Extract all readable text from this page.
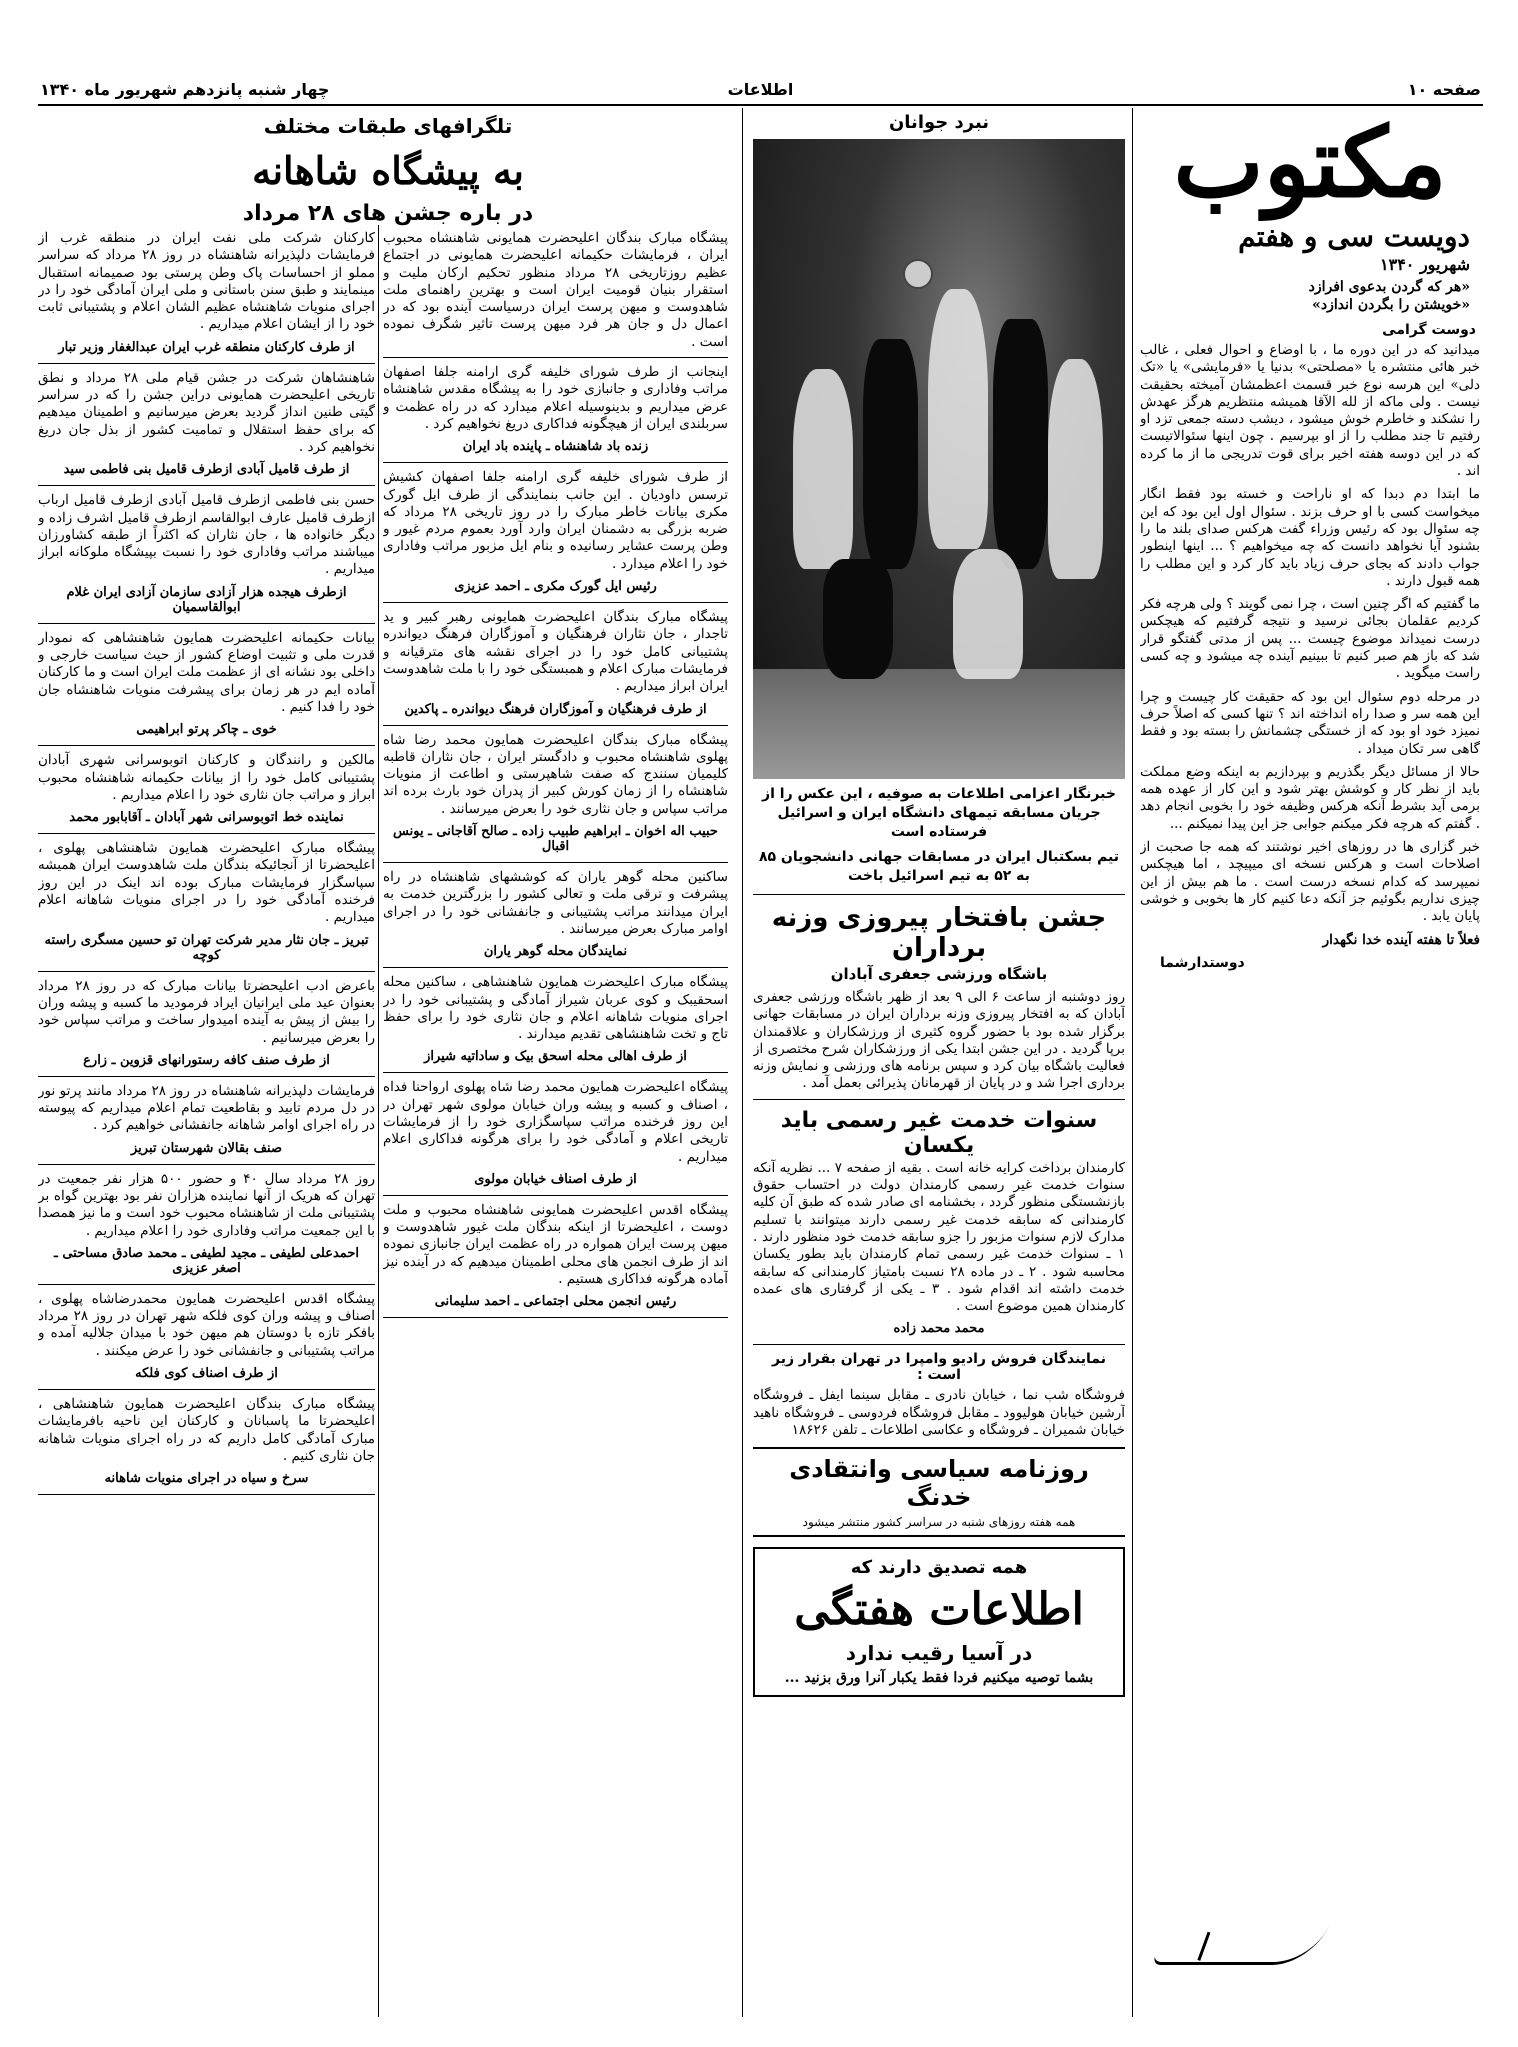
صفحه ۱۰
اطلاعات
چهار شنبه پانزدهم شهریور ماه ۱۳۴۰
مکتوب
دویست سی و هفتم
شهریور ۱۳۴۰
«هر که گردن بدعوی افرازد
«خویشتن را بگردن اندازد»
دوست گرامی

میدانید که در این دوره ما ، با اوضاع و احوال فعلی ، غالب خبر هائی منتشره یا «مصلحتی» بدنیا یا «فرمایشی» یا «تک دلی» این هرسه نوع خبر قسمت اعظمشان آمیخته بحقیقت نیست . ولی ماکه از لله الآقا همیشه منتظریم هرگز عهدش را نشکند و خاطرم خوش میشود ، دیشب دسته جمعی تزد او رفتیم تا جند مطلب را از او بپرسیم . چون اینها سئوالاتیست که در این دوسه هفته اخیر برای قوت تدریجی ما از ما کرده اند .

ما ابتدا دم دبدا که او ناراحت و خسته بود فقط انگار میخواست کسی با او حرف بزند . سئوال اول این بود که این چه سئوال بود که رئیس وزراء گفت هرکس صدای بلند ما را بشنود آیا نخواهد دانست که چه میخواهیم ؟ ... اینها اینطور جواب دادند که بجای حرف زیاد باید کار کرد و این مطلب را همه قبول دارند .

ما گفتیم که اگر چنین است ، چرا نمی گویند ؟ ولی هرچه فکر کردیم عقلمان بجائی نرسید و نتیجه گرفتیم که هیچکس درست نمیداند موضوع چیست ... پس از مدتی گفتگو قرار شد که باز هم صبر کنیم تا ببینیم آینده چه میشود و چه کسی راست میگوید .

در مرحله دوم سئوال این بود که حقیقت کار چیست و چرا این همه سر و صدا راه انداخته اند ؟ تنها کسی که اصلاً حرف نمیزد خود او بود که از خستگی چشمانش را بسته بود و فقط گاهی سر تکان میداد .

حالا از مسائل دیگر بگذریم و بپردازیم به اینکه وضع مملکت باید از نظر کار و کوشش بهتر شود و این کار از عهده همه برمی آید بشرط آنکه هرکس وظیفه خود را بخوبی انجام دهد . گفتم که هرچه فکر میکنم جوابی جز این پیدا نمیکنم ...

خبر گزاری ها در روزهای اخیر نوشتند که همه جا صحبت از اصلاحات است و هرکس نسخه ای میپیچد ، اما هیچکس نمیپرسد که کدام نسخه درست است . ما هم بیش از این چیزی نداریم بگوئیم جز آنکه دعا کنیم کار ها بخوبی و خوشی پایان یابد .

فعلاً تا هفته آینده خدا نگهدار

دوستدارشما
نبرد جوانان
خبرنگار اعزامی اطلاعات به صوفیه ، این عکس را از جریان مسابقه تیمهای دانشگاه ایران و اسرائیل فرستاده است
تیم بسکتبال ایران در مسابقات جهانی دانشجویان ۸۵ به ۵۲ به تیم اسرائیل باخت
جشن بافتخار پیروزی وزنه برداران
باشگاه ورزشی جعفری آبادان

روز دوشنبه از ساعت ۶ الی ۹ بعد از ظهر باشگاه ورزشی جعفری آبادان که به افتخار پیروزی وزنه برداران ایران در مسابقات جهانی برگزار شده بود با حضور گروه کثیری از ورزشکاران و علاقمندان برپا گردید . در این جشن ابتدا یکی از ورزشکاران شرح مختصری از فعالیت باشگاه بیان کرد و سپس برنامه های ورزشی و نمایش وزنه برداری اجرا شد و در پایان از قهرمانان پذیرائی بعمل آمد .

سنوات خدمت غیر رسمی باید یکسان

کارمندان برداخت کرایه خانه است . بقیه از صفحه ۷ ... نظریه آنکه سنوات خدمت غیر رسمی کارمندان دولت در احتساب حقوق بازنشستگی منظور گردد ، بخشنامه ای صادر شده که طبق آن کلیه کارمندانی که سابقه خدمت غیر رسمی دارند میتوانند با تسلیم مدارک لازم سنوات مزبور را جزو سابقه خدمت خود منظور دارند . ۱ ـ سنوات خدمت غیر رسمی تمام کارمندان باید بطور یکسان محاسبه شود . ۲ ـ در ماده ۲۸ نسبت بامتیاز کارمندانی که سابقه خدمت داشته اند اقدام شود . ۳ ـ یکی از گرفتاری های عمده کارمندان همین موضوع است .

محمد محمد زاده
نمایندگان فروش رادیو وامپرا در تهران بقرار زیر است :

فروشگاه شب نما ، خیابان نادری ـ مقابل سینما ایفل ـ فروشگاه آرشین خیابان هولیوود ـ مقابل فروشگاه فردوسی ـ فروشگاه ناهید خیابان شمیران ـ فروشگاه و عکاسی اطلاعات ـ تلفن ۱۸۶۲۶

روزنامه سیاسی وانتقادی خدنگ
همه هفته روزهای شنبه در سراسر کشور منتشر میشود
همه تصدیق دارند که
اطلاعات هفتگی
در آسیا رقیب ندارد
بشما توصیه میکنیم فردا فقط یکبار آنرا ورق بزنید ...
تلگرافهای طبقات مختلف
به پیشگاه شاهانه
در باره جشن های ۲۸ مرداد

پیشگاه مبارک بندگان اعلیحضرت همایونی شاهنشاه محبوب ایران ، فرمایشات حکیمانه اعلیحضرت همایونی در اجتماع عظیم روزتاریخی ۲۸ مرداد منظور تحکیم ارکان ملیت و استقرار بنیان قومیت ایران است و بهترین راهنمای ملت شاهدوست و میهن پرست ایران درسیاست آینده بود که در اعمال دل و جان هر فرد میهن پرست تاثیر شگرف نموده است .

اینجانب از طرف شورای خلیفه گری ارامنه جلفا اصفهان مراتب وفاداری و جانبازی خود را به پیشگاه مقدس شاهنشاه عرض میداریم و بدینوسیله اعلام میدارد که در راه عظمت و سربلندی ایران از هیچگونه فداکاری دریغ نخواهیم کرد .

زنده باد شاهنشاه ـ پاینده باد ایران

از طرف شورای خلیفه گری ارامنه جلفا اصفهان کشیش ترسس داودیان . این جانب بنمایندگی از طرف ایل گورک مکری بیانات خاطر مبارک را در روز تاریخی ۲۸ مرداد که ضربه بزرگی به دشمنان ایران وارد آورد بعموم مردم غیور و وطن پرست عشایر رسانیده و بنام ایل مزبور مراتب وفاداری خود را اعلام میدارد .

رئیس ایل گورک مکری ـ احمد عزیزی

پیشگاه مبارک بندگان اعلیحضرت همایونی رهبر کبیر و ید تاجدار ، جان نثاران فرهنگیان و آموزگاران فرهنگ دیواندره پشتیبانی کامل خود را در اجرای نقشه های مترقیانه و فرمایشات مبارک اعلام و همبستگی خود را با ملت شاهدوست ایران ابراز میداریم .

از طرف فرهنگیان و آموزگاران فرهنگ دیواندره ـ پاکدین

پیشگاه مبارک بندگان اعلیحضرت همایون محمد رضا شاه پهلوی شاهنشاه محبوب و دادگستر ایران ، جان نثاران قاطبه کلیمیان سنندج که صفت شاهپرستی و اطاعت از منویات شاهنشاه را از زمان کورش کبیر از پدران خود بارث برده اند مراتب سپاس و جان نثاری خود را بعرض میرسانند .

حبیب اله اخوان ـ ابراهیم طبیب زاده ـ صالح آقاجانی ـ یونس اقبال

ساکنین محله گوهر یاران که کوششهای شاهنشاه در راه پیشرفت و ترقی ملت و تعالی کشور را بزرگترین خدمت به ایران میدانند مراتب پشتیبانی و جانفشانی خود را در اجرای اوامر مبارک بعرض میرسانند .

نمایندگان محله گوهر یاران

پیشگاه مبارک اعلیحضرت همایون شاهنشاهی ، ساکنین محله اسحقیبک و کوی عربان شیراز آمادگی و پشتیبانی خود را در اجرای منویات شاهانه اعلام و جان نثاری خود را برای حفظ تاج و تخت شاهنشاهی تقدیم میدارند .

از طرف اهالی محله اسحق بیک و ساداتیه شیراز

پیشگاه اعلیحضرت همایون محمد رضا شاه پهلوی ارواحنا فداه ، اصناف و کسبه و پیشه وران خیابان مولوی شهر تهران در این روز فرخنده مراتب سپاسگزاری خود را از فرمایشات تاریخی اعلام و آمادگی خود را برای هرگونه فداکاری اعلام میداریم .

از طرف اصناف خیابان مولوی

پیشگاه اقدس اعلیحضرت همایونی شاهنشاه محبوب و ملت دوست ، اعلیحضرتا از اینکه بندگان ملت غیور شاهدوست و میهن پرست ایران همواره در راه عظمت ایران جانبازی نموده اند از طرف انجمن های محلی اطمینان میدهیم که در آینده نیز آماده هرگونه فداکاری هستیم .

رئیس انجمن محلی اجتماعی ـ احمد سلیمانی

کارکنان شرکت ملی نفت ایران در منطقه غرب از فرمایشات دلپذیرانه شاهنشاه در روز ۲۸ مرداد که سراسر مملو از احساسات پاک وطن پرستی بود صمیمانه استقبال مینمایند و طبق سنن باستانی و ملی ایران آمادگی خود را در اجرای منویات شاهنشاه عظیم الشان اعلام و پشتیبانی ثابت خود را از ایشان اعلام میداریم .

از طرف کارکنان منطقه غرب ایران عبدالغفار وزیر تبار

شاهنشاهان شرکت در جشن قیام ملی ۲۸ مرداد و نطق تاریخی اعلیحضرت همایونی دراین جشن را که در سراسر گیتی طنین انداز گردید بعرض میرسانیم و اطمینان میدهیم که برای حفظ استقلال و تمامیت کشور از بذل جان دریغ نخواهیم کرد .

از طرف قامیل آبادی ازطرف قامیل بنی فاطمی سید

حسن بنی فاطمی ازطرف قامیل آبادی ازطرف قامیل ارباب ازطرف قامیل عارف ابوالقاسم ازطرف قامیل اشرف زاده و دیگر خانواده ها ، جان نثاران که اکثراً از طبقه کشاورزان میباشند مراتب وفاداری خود را نسبت بپیشگاه ملوکانه ابراز میداریم .

ازطرف هیجده هزار آزادی سازمان آزادی ایران غلام ابوالقاسمیان

بیانات حکیمانه اعلیحضرت همایون شاهنشاهی که نمودار قدرت ملی و تثبیت اوضاع کشور از حیث سیاست خارجی و داخلی بود نشانه ای از عظمت ملت ایران است و ما کارکنان آماده ایم در هر زمان برای پیشرفت منویات شاهنشاه جان خود را فدا کنیم .

خوی ـ چاکر پرتو ابراهیمی

مالکین و رانندگان و کارکنان اتوبوسرانی شهری آبادان پشتیبانی کامل خود را از بیانات حکیمانه شاهنشاه محبوب ابراز و مراتب جان نثاری خود را اعلام میداریم .

نماینده خط اتوبوسرانی شهر آبادان ـ آقابابور محمد

پیشگاه مبارک اعلیحضرت همایون شاهنشاهی پهلوی ، اعلیحضرتا از آنجائیکه بندگان ملت شاهدوست ایران همیشه سپاسگزار فرمایشات مبارک بوده اند اینک در این روز فرخنده آمادگی خود را در اجرای منویات شاهانه اعلام میداریم .

تبریز ـ جان نثار مدیر شرکت تهران تو حسین مسگری راسته کوچه

باعرض ادب اعلیحضرتا بیانات مبارک که در روز ۲۸ مرداد بعنوان عید ملی ایرانیان ایراد فرمودید ما کسبه و پیشه وران را بیش از پیش به آینده امیدوار ساخت و مراتب سپاس خود را بعرض میرسانیم .

از طرف صنف کافه رستورانهای قزوین ـ زارع

فرمایشات دلپذیرانه شاهنشاه در روز ۲۸ مرداد مانند پرتو نور در دل مردم تابید و بقاطعیت تمام اعلام میداریم که پیوسته در راه اجرای اوامر شاهانه جانفشانی خواهیم کرد .

صنف بقالان شهرستان تبریز

روز ۲۸ مرداد سال ۴۰ و حضور ۵۰۰ هزار نفر جمعیت در تهران که هریک از آنها نماینده هزاران نفر بود بهترین گواه بر پشتیبانی ملت از شاهنشاه محبوب خود است و ما نیز همصدا با این جمعیت مراتب وفاداری خود را اعلام میداریم .

احمدعلی لطیفی ـ مجید لطیفی ـ محمد صادق مساحتی ـ اصغر عزیزی

پیشگاه اقدس اعلیحضرت همایون محمدرضاشاه پهلوی ، اصناف و پیشه وران کوی فلکه شهر تهران در روز ۲۸ مرداد بافکر تازه با دوستان هم میهن خود با میدان جلالیه آمده و مراتب پشتیبانی و جانفشانی خود را عرض میکنند .

از طرف اصناف کوی فلکه

پیشگاه مبارک بندگان اعلیحضرت همایون شاهنشاهی ، اعلیحضرتا ما پاسبانان و کارکنان این ناحیه بافرمایشات مبارک آمادگی کامل داریم که در راه اجرای منویات شاهانه جان نثاری کنیم .

سرخ و سیاه در اجرای منویات شاهانه
